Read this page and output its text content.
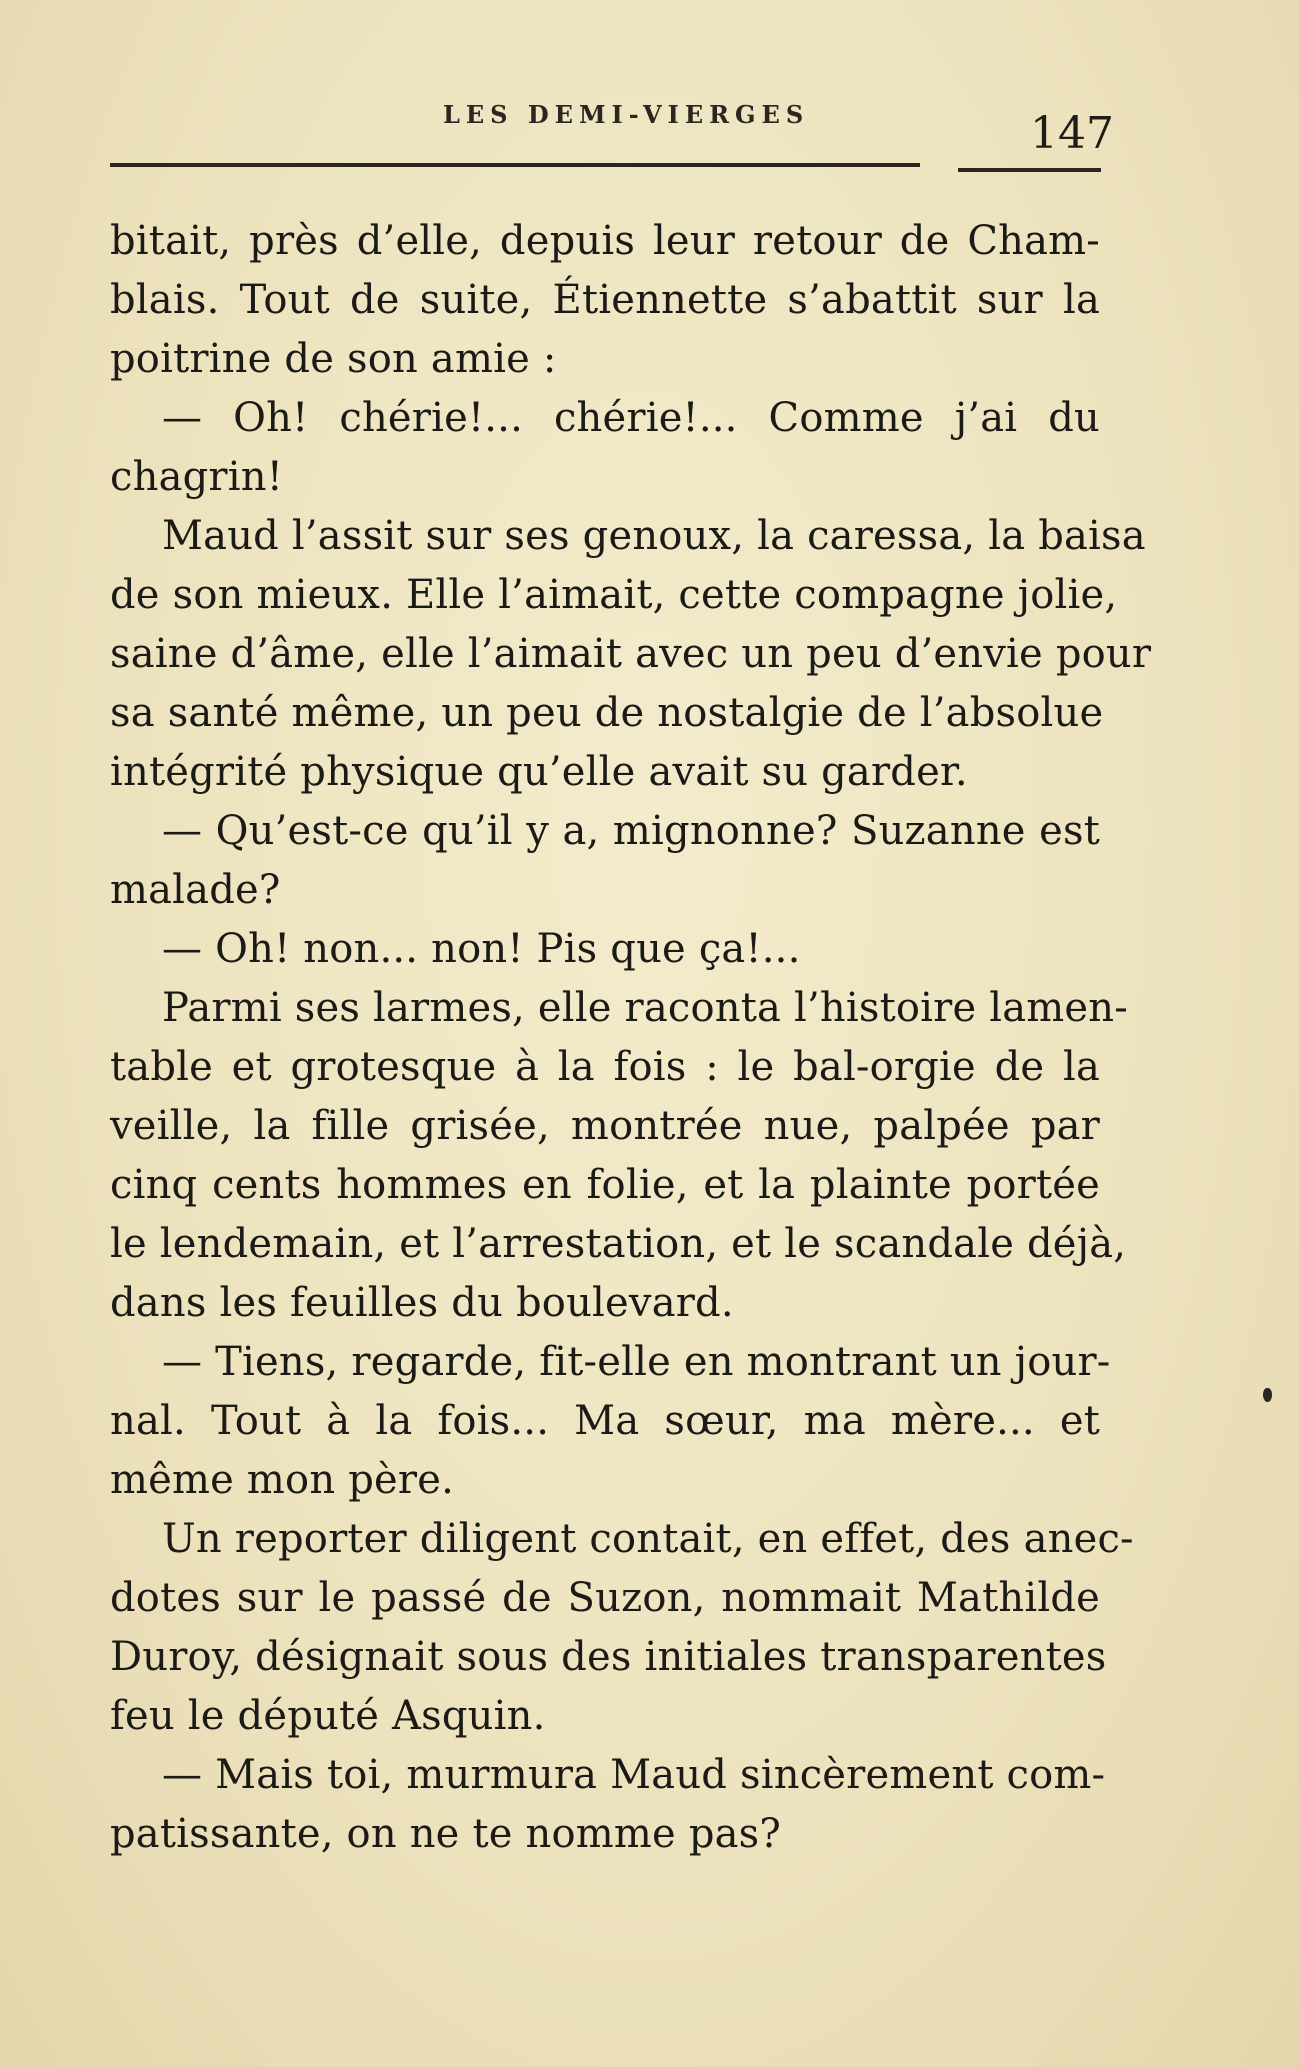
LES DEMI-VIERGES	147
bitait, près d’elle, depuis leur retour de Cham-
blais. Tout de suite, Étiennette s’abattit sur la
poitrine de son amie :
— Oh! chérie!... chérie!... Comme j’ai du
chagrin!
Maud l’assit sur ses genoux, la caressa, la baisa
de son mieux. Elle l’aimait, cette compagne jolie,
saine d’âme, elle l’aimait avec un peu d’envie pour
sa santé même, un peu de nostalgie de l’absolue
intégrité physique qu’elle avait su garder.
— Qu’est-ce qu’il y a, mignonne? Suzanne est
malade?
— Oh! non... non! Pis que ça!...
Parmi ses larmes, elle raconta l’histoire lamen-
table et grotesque à la fois : le bal-orgie de la
veille, la fille grisée, montrée nue, palpée par
cinq cents hommes en folie, et la plainte portée
le lendemain, et l’arrestation, et le scandale déjà,
dans les feuilles du boulevard.
— Tiens, regarde, fit-elle en montrant un jour-
nal. Tout à la fois... Ma sœur, ma mère... et
même mon père.
Un reporter diligent contait, en effet, des anec-
dotes sur le passé de Suzon, nommait Mathilde
Duroy, désignait sous des initiales transparentes
feu le député Asquin.
— Mais toi, murmura Maud sincèrement com-
patissante, on ne te nomme pas?
